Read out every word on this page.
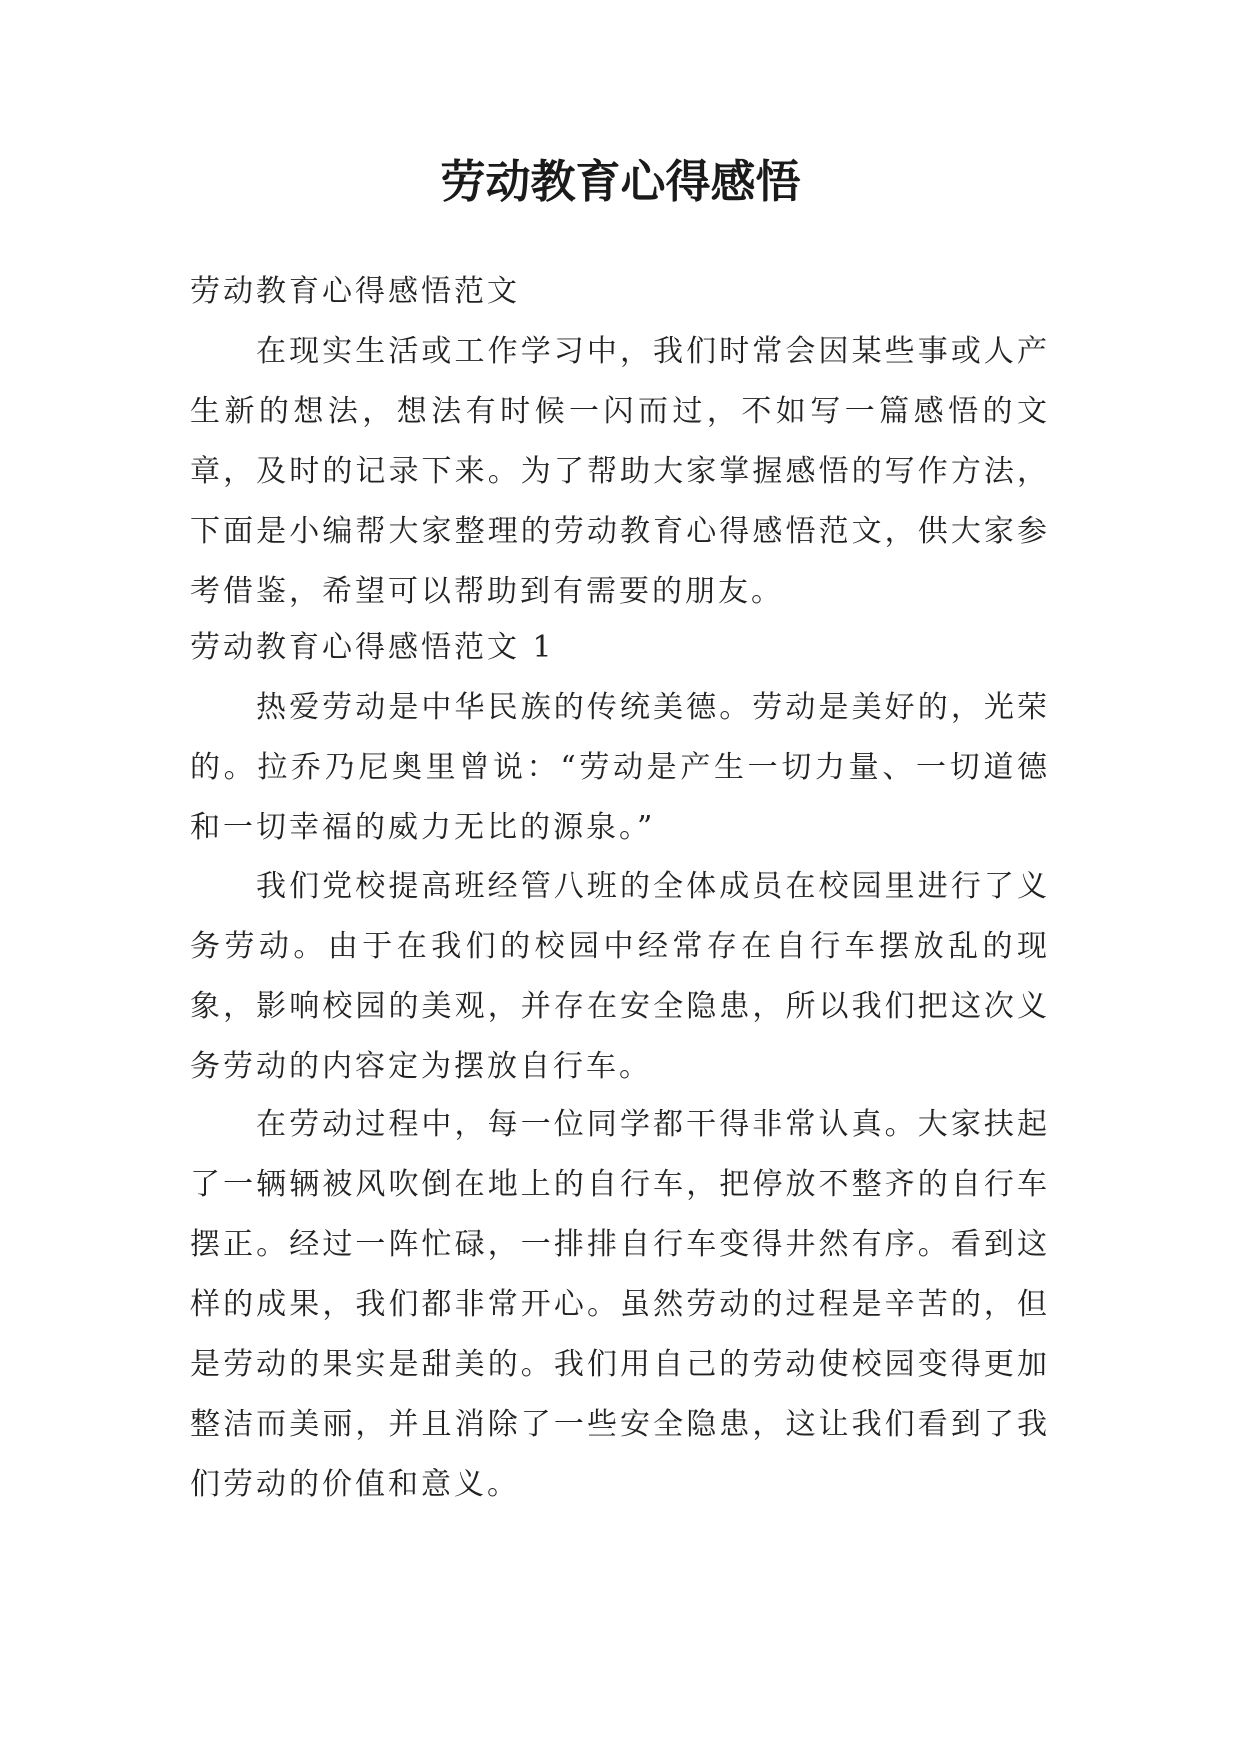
劳动教育心得感悟

劳动教育心得感悟范文

在现实生活或工作学习中，我们时常会因某些事或人产生新的想法，想法有时候一闪而过，不如写一篇感悟的文章，及时的记录下来。为了帮助大家掌握感悟的写作方法，下面是小编帮大家整理的劳动教育心得感悟范文，供大家参考借鉴，希望可以帮助到有需要的朋友。

劳动教育心得感悟范文 1

热爱劳动是中华民族的传统美德。劳动是美好的，光荣的。拉乔乃尼奥里曾说：“劳动是产生一切力量、一切道德和一切幸福的威力无比的源泉。”

我们党校提高班经管八班的全体成员在校园里进行了义务劳动。由于在我们的校园中经常存在自行车摆放乱的现象，影响校园的美观，并存在安全隐患，所以我们把这次义务劳动的内容定为摆放自行车。

在劳动过程中，每一位同学都干得非常认真。大家扶起了一辆辆被风吹倒在地上的自行车，把停放不整齐的自行车摆正。经过一阵忙碌，一排排自行车变得井然有序。看到这样的成果，我们都非常开心。虽然劳动的过程是辛苦的，但是劳动的果实是甜美的。我们用自己的劳动使校园变得更加整洁而美丽，并且消除了一些安全隐患，这让我们看到了我们劳动的价值和意义。
